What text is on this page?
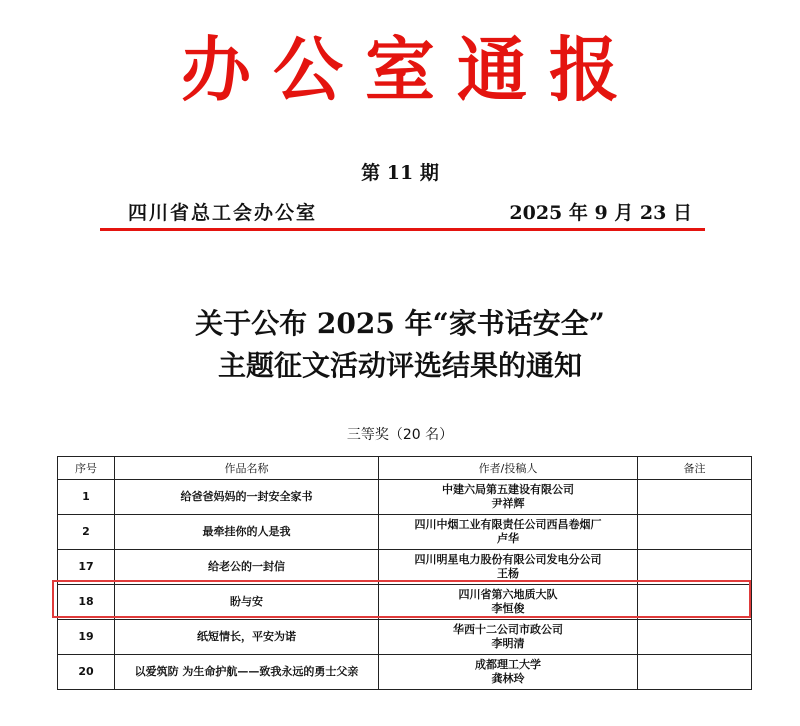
办公室通报
第 11 期
四川省总工会办公室	2025 年 9 月 23 日
关于公布 2025 年“家书话安全”
主题征文活动评选结果的通知
三等奖（20 名）
序号	作品名称	作者/投稿人	备注
1	给爸爸妈妈的一封安全家书	中建六局第五建设有限公司
尹祥辉	

2	最牵挂你的人是我	四川中烟工业有限责任公司西昌卷烟厂
卢华	

17	给老公的一封信	四川明星电力股份有限公司发电分公司
王杨	

18	盼与安	四川省第六地质大队
李恒俊	

19	纸短情长，平安为诺	华西十二公司市政公司
李明清	

20	以爱筑防 为生命护航——致我永远的勇士父亲	成都理工大学
龚林玲	
